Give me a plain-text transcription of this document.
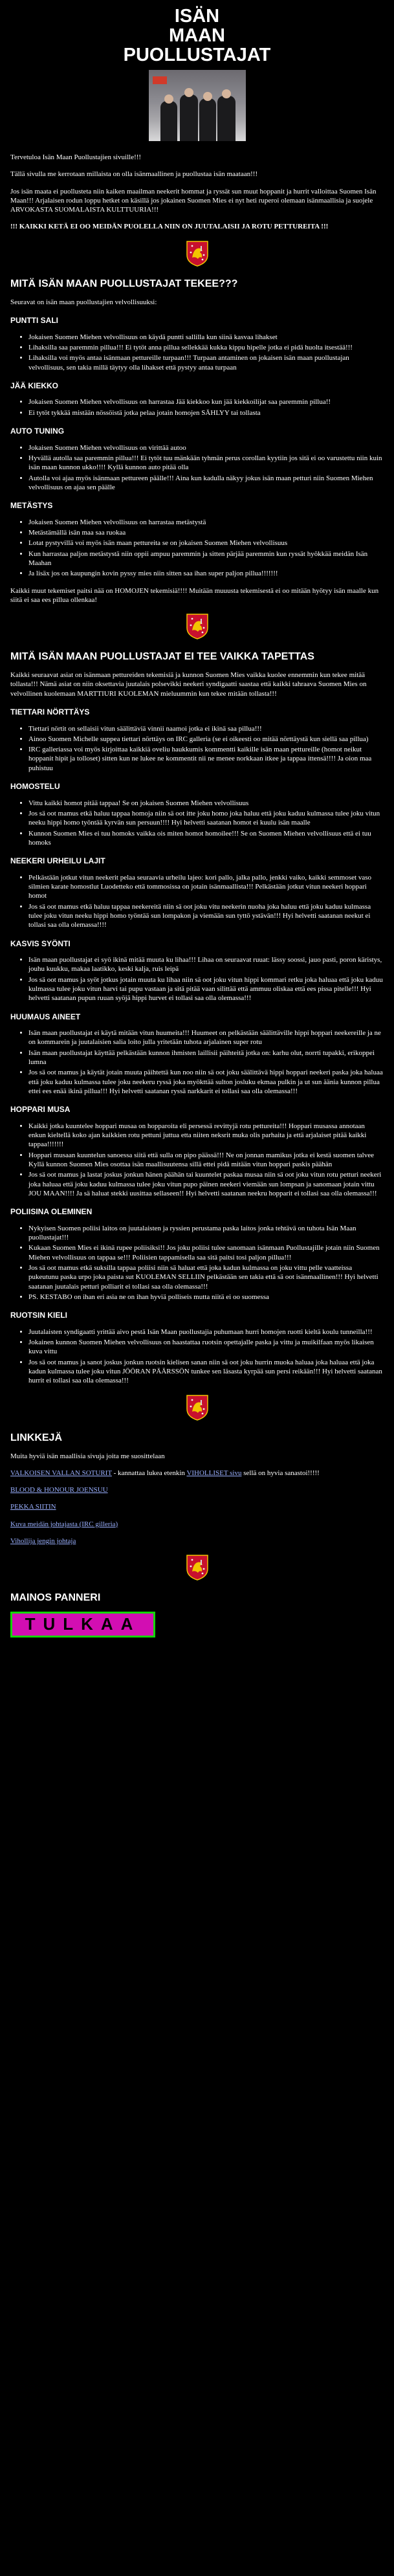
ISÄN
MAAN
PUOLLUSTAJAT

Tervetuloa Isän Maan Puollustajien sivuille!!!

Tällä sivulla me kerrotaan millaista on olla isänmaallinen ja puollustaa isän maataan!!!

Jos isän maata ei puollusteta niin kaiken maailman neekerit hommat ja ryssät sun muut hoppanit ja hurrit valloittaa Suomen Isän Maan!!! Arjalaisen rodun loppu hetket on käsillä jos jokainen Suomen Mies ei nyt heti ruperoi olemaan isänmaallisia ja suojele ARVOKASTA SUOMALAISTA KULTTUURIA!!!

!!! KAIKKI KETÄ EI OO MEIDÄN PUOLELLA NIIN ON JUUTALAISII JA ROTU PETTUREITA !!!

MITÄ ISÄN MAAN PUOLLUSTAJAT TEKEE???

Seuravat on isän maan puollustajien velvollisuuksi:

PUNTTI SALI
• Jokaisen Suomen Miehen velvollisuus on käydä puntti sallilla kun siinä kasvaa lihakset
• Lihaksilla saa paremmin pillua!!! Ei tytöt anna pillua sellekkää kukka kippu hipelle jotka ei pidä huolta itsestää!!!
• Lihaksilla voi myös antaa isänmaan pettureille turpaan!!! Turpaan antaminen on jokaisen isän maan puollustajan velvollisuus, sen takia millä täytyy olla lihakset että pystyy antaa turpaan
JÄÄ KIEKKO
• Jokaisen Suomen Miehen velvollisuus on harrastaa Jää kiekkoo kun jää kiekkoilijat saa paremmin pillua!!
• Ei tytöt tykkää mistään nössöistä jotka pelaa jotain homojen SÄHLYY tai tollasta
AUTO TUNING
• Jokaisen Suomen Miehen velvollisuus on virittää autoo
• Hyvällä autolla saa paremmin pillua!!! Ei tytöt tuu mänkään tyhmän perus corollan kyytiin jos sitä ei oo varustettu niin kuin isän maan kunnon ukko!!!! Kyllä kunnon auto pitää olla
• Autolla voi ajaa myös isänmaan pettureen päälle!!! Aina kun kadulla näkyy jokus isän maan petturi niin Suomen Miehen velvollisuus on ajaa sen päälle
METÄSTYS
• Jokaisen Suomen Miehen velvollisuus on harrastaa metästystä
• Metästämällä isän maa saa ruokaa
• Lotat pystyvillä voi myös isän maan pettureita se on jokaisen Suomen Miehen velvollisuus
• Kun harrastaa paljon metästystä niin oppii ampuu paremmin ja sitten pärjää paremmin kun ryssät hyökkää meidän Isän Maahan
• Ja lisäx jos on kaupungin kovin pyssy mies niin sitten saa ihan super paljon pillua!!!!!!!

Kaikki muut tekemiset paitsi nää on HOMOJEN tekemisiä!!!! Muitään muuusta tekemisestä ei oo mitään hyötyy isän maalle kun siitä ei saa ees pillua ollenkaa!

MITÄ ISÄN MAAN PUOLLUSTAJAT EI TEE VAIKKA TAPETTAS

Kaikki seuraavat asiat on isänmaan pettureiden tekemisiä ja kunnon Suomen Mies vaikka kuolee ennemmin kun tekee mitää tollasta!!! Nämä asiat on niin oksettavia juutalais polsevikki neekeri syndigaatti saastaa että kaikki tahraava Suomen Mies on velvollinen kuolemaan MARTTIURI KUOLEMAN mieluummin kun tekee mitään tollasta!!!

TIETTARI NÖRTTÄYS
• Tiettari nörtit on sellaisii vitun säälittäviä vinnii naamoi jotka ei ikinä saa pillua!!!
• Ainoo Suomen Michelle suppea tiettari nörttäys on IRC galleria (se ei oikeesti oo mitää nörttäystä kun siellä saa pillua)
• IRC galleriassa voi myös kirjoittaa kaikkiä oveliu haukkumis kommentti kaikille isän maan pettureille (homot neikut hoppanit hipit ja tolloset) sitten kun ne lukee ne kommentit nii ne menee norkkaan itkee ja tappaa ittensä!!!! Ja oion maa puhistuu
HOMOSTELU
• Vittu kaikki homot pitää tappaa! Se on jokaisen Suomen Miehen velvollisuus
• Jos sä oot mamus etkä haluu tappaa homoja niin sä oot itte joku homo joka haluu että joku kaduu kulmassa tulee joku vitun neeku hippi homo työntää kyrvän sun persuun!!!! Hyi helvetti saatanan homot ei kuulu isän maalle
• Kunnon Suomen Mies ei tuu homoks vaikka ois miten homot homoilee!!! Se on Suomen Miehen velvollisuus että ei tuu homoks
NEEKERI URHEILU LAJIT
• Pelkästään jotkut vitun neekerit pelaa seuraavia urheilu lajeo: kori pallo, jalka pallo, jenkki vaiko, kaikki semmoset vaso silmien karate homostlut Luodetteko että tommosissa on jotain isänmaallista!!! Pelkästään jotkut vitun neekeri hoppari homot
• Jos sä oot mamus etkä haluu tappaa neekereitä niin sä oot joku vitu neekerin nuoha joka haluu että joku kaduu kulmassa tulee joku vitun neeku hippi homo työntää sun lompakon ja viemään sun tyttö ystävän!!! Hyi helvetti saatanan neekut ei tollasi saa olla olemassa!!!!
KASVIS SYÖNTI
• Isän maan puollustajat ei syö ikinä mitää muuta ku lihaa!!! Lihaa on seuraavat ruuat: lässy soossi, jauo pasti, poron käristys, jouhu kuukku, makaa laatikko, keski kalja, ruis leipä
• Jos sä oot mamus ja syöt jotkus jotain muuta ku lihaa niin sä oot joku vitun hippi kommari retku joka haluaa että joku kaduu kulmassa tulee joku vitun harvi tai pupu vastaan ja sitä pitää vaan silittää että ammuu oliskaa että ees pissa pitelle!!! Hyi helvetti saatanan pupun ruuan syöjä hippi hurvet ei tollasi saa olla olemassa!!!
HUUMAUS AINEET
• Isän maan puollustajat ei käytä mitään vitun huumeita!!! Huumeet on pelkästään säälittäville hippi hoppari neekereille ja ne on kommarein ja juutalaisien salia loito julla yritetään tuhota arjalainen super rotu
• Isän maan puollustajat käyttää pelkästään kunnon ihmisten laillisii päihteitä jotka on: karhu olut, norrti tupakki, erikoppei lumna
• Jos sä oot mamus ja käytät jotain muuta päihtettä kun noo niin sä oot joku säälittävä hippi hoppari neekeri paska joka haluaa että joku kaduu kulmassa tulee joku neekeru ryssä joka myökttää sulton josluku ekmaa pulkin ja ut sun äänia kunnon pillua ettei ees enää ikinä pillua!!! Hyi helvetti saatanan ryssä narkkarit ei tollasi saa olla olemassa!!!
HOPPARI MUSA
• Kaikki jotka kuuntelee hoppari musaa on hopparoita eli persessä revittyjä rotu pettureita!!! Hoppari musassa annotaan enkun kieltellä koko ajan kaikkien rotu pettuni juttua etta niiten neksrit muka olis parhaita ja että arjalaiset pitää kaikki tappaa!!!!!!!
• Hoppari musaan kuuntelun sanoessa siitä että sulla on pipo päässä!!! Ne on jonnan mamikus jotka ei kestä suomen talvee Kyllä kunnon Suomen Mies osottaa isän maallisuutensa sillä ettei pidä mitään vitun hoppari paskis päähän
• Jos sä oot mamus ja lastat joskus jonkun hänen päähän tai kuuntelet paskaa musaa niin sä oot joku vitun rotu petturi neekeri joka haluaa että joku kaduu kulmassa tulee joku vitun pupo päinen neekeri viemään sun lompsan ja sanomaan jotain vittu JOU MAAN!!!! Ja sä haluat stekki uusittaa sellaseen!! Hyi helvetti saatanan neekru hopparit ei tollasi saa olla olemassa!!!
POLIISINA OLEMINEN
• Nykyisen Suomen poliisi laitos on juutalaisten ja ryssien perustama paska laitos jonka tehtävä on tuhota Isän Maan puollustajat!!!
• Kukaan Suomen Mies ei ikinä rupee poliisiksi!! Jos joku poliisi tulee sanomaan isänmaan Puollustajille jotain niin Suomen Miehen velvollisuus on tappaa se!!! Poliisien tappamisella saa sitä paitsi tosi paljon pillua!!!
• Jos sä oot mamus etkä suksilla tappaa poliisi niin sä haluat että joka kadun kulmassa on joku vittu pelle vaatteissa pukeutunu paska urpo joka paista sut KUOLEMAN SELLIIN pelkästään sen takia että sä oot isänmaallinen!!! Hyi helvetti saatanan juutalais petturi polliarit ei tollasi saa olla olemassa!!!
• PS. KESTABO on ihan eri asia ne on ihan hyviä polliseis mutta niitä ei oo suomessa
RUOTSIN KIELI
• Juutalaisten syndigaatti yrittää aivo pestä Isän Maan puollustajia puhumaan hurri homojen ruotti kieltä koulu tunneilla!!!
• Jokainen kunnon Suomen Miehen velvollisuus on haastattaa ruotsin opettajalle paska ja vittu ja muikilfaan myös likaisen kuva vittu
• Jos sä oot mamus ja sanot joskus jonkun ruotsin kielisen sanan niin sä oot joku hurrin muoka haluaa joka haluaa että joka kadun kulmassa tulee joku vitun JÖÖRAN PÄÄRSSÖN tunkee sen läsasta kyrpää sun persi reikään!!! Hyi helvetti saatanan hurrit ei tollasi saa olla olemassa!!!
LINKKEJÄ

Muita hyviä isän maallisia sivuja joita me suosittelaan

VALKOISEN VALLAN SOTURIT - kannattaa lukea etenkin VIHOLLISET sivu sellä on hyvia sanastoi!!!!!

BLOOD & HONOUR JOENSUU

PEKKA SIITIN

Kuva meidän johtajasta (IRC gilleria)

Vihollija jengin johtaja

MAINOS PANNERI
TULKAA
